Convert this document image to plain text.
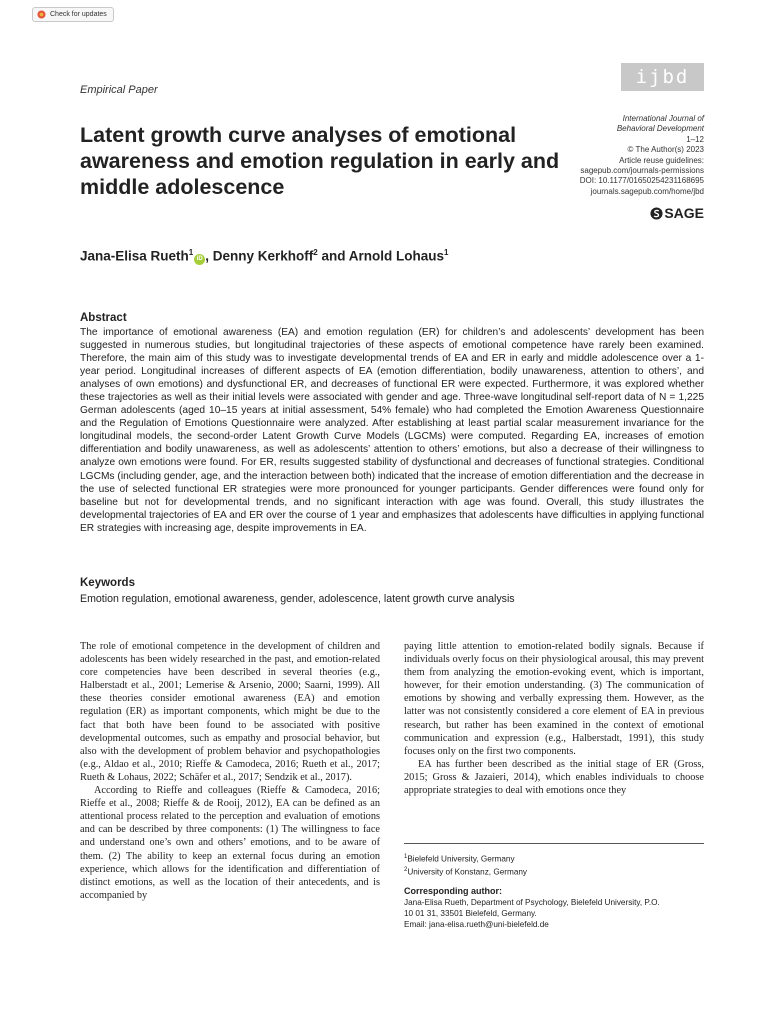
Check for updates
Empirical Paper
ijbd
International Journal of
Behavioral Development
1–12
© The Author(s) 2023
Article reuse guidelines:
sagepub.com/journals-permissions
DOI: 10.1177/01650254231168695
journals.sagepub.com/home/jbd
SAGE
Latent growth curve analyses of emotional awareness and emotion regulation in early and middle adolescence
Jana-Elisa Rueth$^1$iD , Denny Kerkhoff$^2$ and Arnold Lohaus$^1$
Abstract

The importance of emotional awareness (EA) and emotion regulation (ER) for children’s and adolescents’ development has been suggested in numerous studies, but longitudinal trajectories of these aspects of emotional competence have rarely been examined. Therefore, the main aim of this study was to investigate developmental trends of EA and ER in early and middle adolescence over a 1-year period. Longitudinal increases of different aspects of EA (emotion differentiation, bodily unawareness, attention to others’, and analyses of own emotions) and dysfunctional ER, and decreases of functional ER were expected. Furthermore, it was explored whether these trajectories as well as their initial levels were associated with gender and age. Three-wave longitudinal self-report data of N = 1,225 German adolescents (aged 10–15 years at initial assessment, 54% female) who had completed the Emotion Awareness Questionnaire and the Regulation of Emotions Questionnaire were analyzed. After establishing at least partial scalar measurement invariance for the longitudinal models, the second-order Latent Growth Curve Models (LGCMs) were computed. Regarding EA, increases of emotion differentiation and bodily unawareness, as well as adolescents’ attention to others’ emotions, but also a decrease of their willingness to analyze own emotions were found. For ER, results suggested stability of dysfunctional and decreases of functional strategies. Conditional LGCMs (including gender, age, and the interaction between both) indicated that the increase of emotion differentiation and the decrease in the use of selected functional ER strategies were more pronounced for younger participants. Gender differences were found only for baseline but not for developmental trends, and no significant interaction with age was found. Overall, this study illustrates the developmental trajectories of EA and ER over the course of 1 year and emphasizes that adolescents have difficulties in applying functional ER strategies with increasing age, despite improvements in EA.

Keywords
Emotion regulation, emotional awareness, gender, adolescence, latent growth curve analysis

The role of emotional competence in the development of children and adolescents has been widely researched in the past, and emotion-related core competencies have been described in several theories (e.g., Halberstadt et al., 2001; Lemerise & Arsenio, 2000; Saarni, 1999). All these theories consider emotional awareness (EA) and emotion regulation (ER) as important components, which might be due to the fact that both have been found to be associated with positive developmental outcomes, such as empathy and prosocial behavior, but also with the development of problem behavior and psychopathologies (e.g., Aldao et al., 2010; Rieffe & Camodeca, 2016; Rueth et al., 2017; Rueth & Lohaus, 2022; Schäfer et al., 2017; Sendzik et al., 2017).

According to Rieffe and colleagues (Rieffe & Camodeca, 2016; Rieffe et al., 2008; Rieffe & de Rooij, 2012), EA can be defined as an attentional process related to the perception and evaluation of emotions and can be described by three components: (1) The willingness to face and understand one’s own and others’ emotions, and to be aware of them. (2) The ability to keep an external focus during an emotion experience, which allows for the identification and differentiation of distinct emotions, as well as the location of their antecedents, and is accompanied by

paying little attention to emotion-related bodily signals. Because if individuals overly focus on their physiological arousal, this may prevent them from analyzing the emotion-evoking event, which is important, however, for their emotion understanding. (3) The communication of emotions by showing and verbally expressing them. However, as the latter was not consistently considered a core element of EA in previous research, but rather has been examined in the context of emotional communication and expression (e.g., Halberstadt, 1991), this study focuses only on the first two components.

EA has further been described as the initial stage of ER (Gross, 2015; Gross & Jazaieri, 2014), which enables individuals to choose appropriate strategies to deal with emotions once they

$^1$Bielefeld University, Germany
$^2$University of Konstanz, Germany
Corresponding author:
Jana-Elisa Rueth, Department of Psychology, Bielefeld University, P.O.
10 01 31, 33501 Bielefeld, Germany.
Email: jana-elisa.rueth@uni-bielefeld.de
